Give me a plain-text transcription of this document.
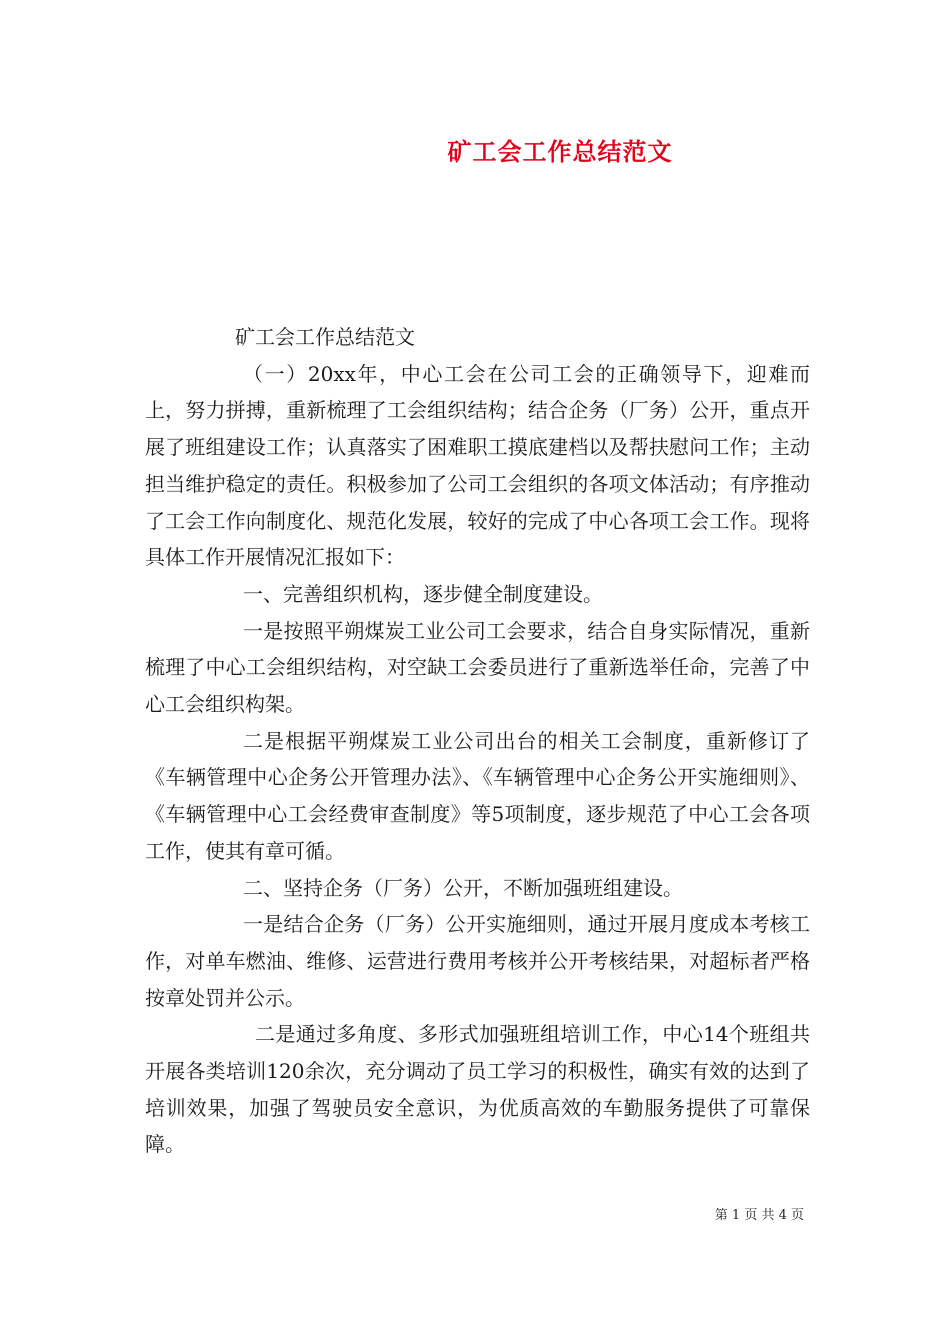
矿工会工作总结范文

矿工会工作总结范文

（一）20xx年，中心工会在公司工会的正确领导下，迎难而上，努力拼搏，重新梳理了工会组织结构；结合企务（厂务）公开，重点开展了班组建设工作；认真落实了困难职工摸底建档以及帮扶慰问工作；主动担当维护稳定的责任。积极参加了公司工会组织的各项文体活动；有序推动了工会工作向制度化、规范化发展，较好的完成了中心各项工会工作。现将具体工作开展情况汇报如下：

一、完善组织机构，逐步健全制度建设。

一是按照平朔煤炭工业公司工会要求，结合自身实际情况，重新梳理了中心工会组织结构，对空缺工会委员进行了重新选举任命，完善了中心工会组织构架。

二是根据平朔煤炭工业公司出台的相关工会制度，重新修订了《车辆管理中心企务公开管理办法》、《车辆管理中心企务公开实施细则》、《车辆管理中心工会经费审查制度》等5项制度，逐步规范了中心工会各项工作，使其有章可循。

二、坚持企务（厂务）公开，不断加强班组建设。

一是结合企务（厂务）公开实施细则，通过开展月度成本考核工作，对单车燃油、维修、运营进行费用考核并公开考核结果，对超标者严格按章处罚并公示。

二是通过多角度、多形式加强班组培训工作，中心14个班组共开展各类培训120余次，充分调动了员工学习的积极性，确实有效的达到了培训效果，加强了驾驶员安全意识，为优质高效的车勤服务提供了可靠保障。

第 1 页 共 4 页
